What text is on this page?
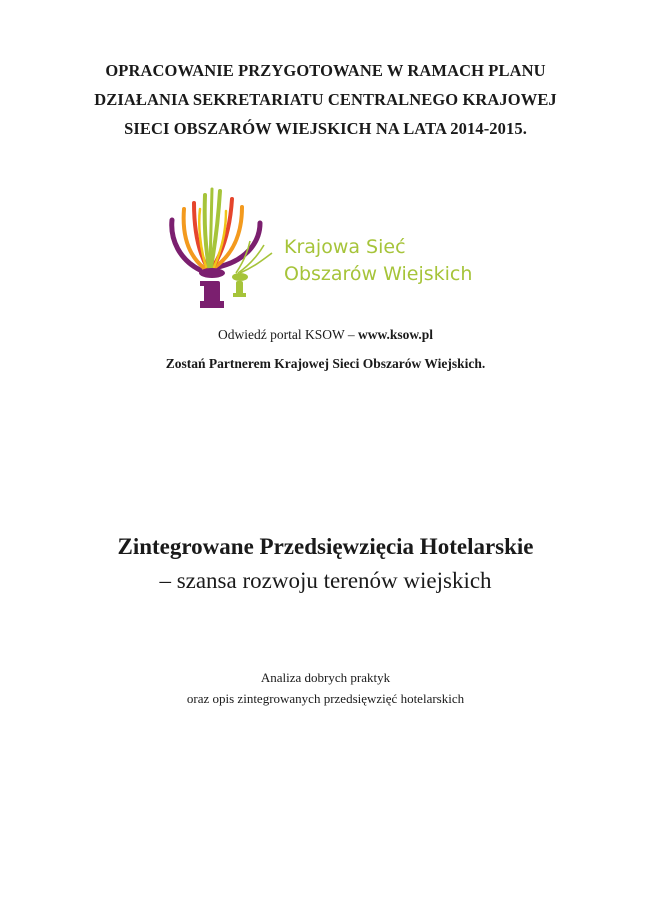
OPRACOWANIE PRZYGOTOWANE W RAMACH PLANU
DZIAŁANIA SEKRETARIATU CENTRALNEGO KRAJOWEJ
SIECI OBSZARÓW WIEJSKICH NA LATA 2014-2015.
Krajowa Sieć
Obszarów Wiejskich
Odwiedź portal KSOW – www.ksow.pl
Zostań Partnerem Krajowej Sieci Obszarów Wiejskich.
Zintegrowane Przedsięwzięcia Hotelarskie
– szansa rozwoju terenów wiejskich
Analiza dobrych praktyk
oraz opis zintegrowanych przedsięwzięć hotelarskich
